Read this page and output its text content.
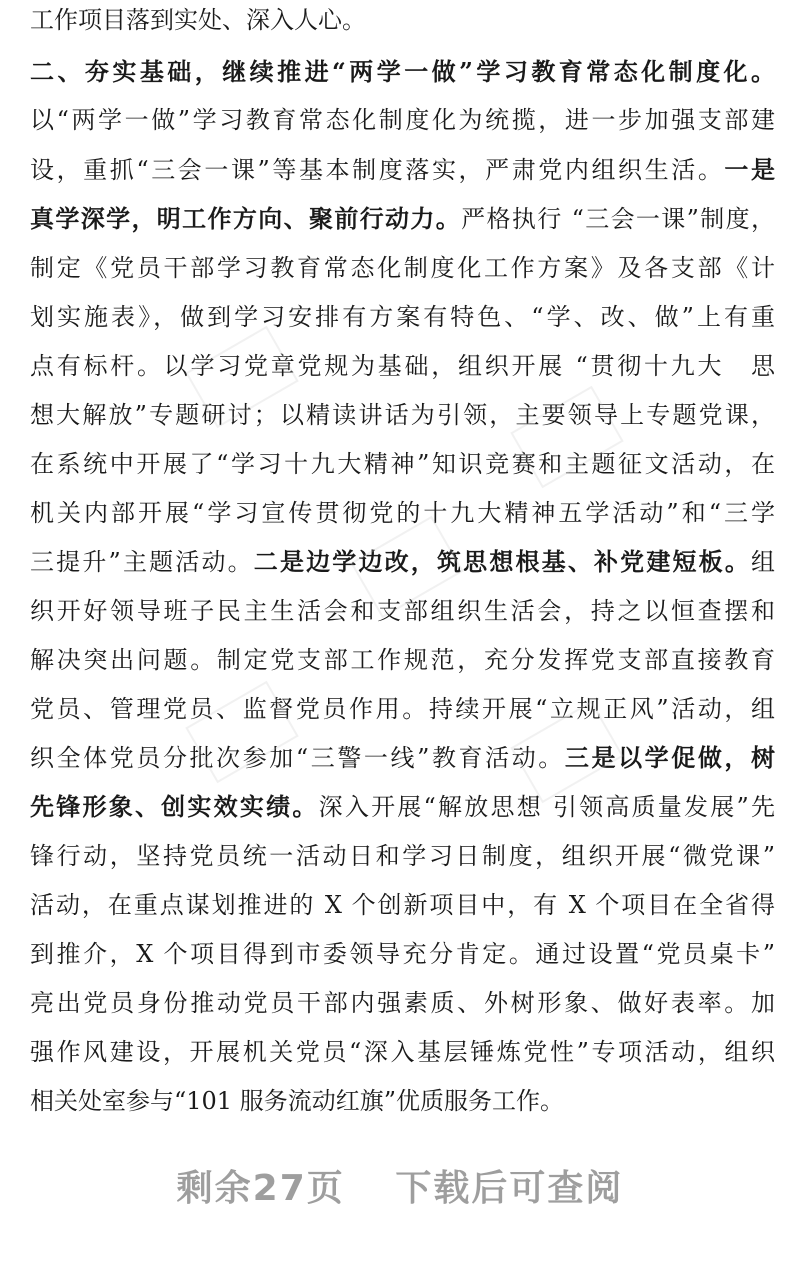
工作项目落到实处、深入人心。
二、夯实基础，继续推进“两学一做”学习教育常态化制度化。
以“两学一做”学习教育常态化制度化为统揽，进一步加强支部建
设，重抓“三会一课”等基本制度落实，严肃党内组织生活。一是
真学深学，明工作方向、聚前行动力。严格执行 “三会一课”制度，
制定《党员干部学习教育常态化制度化工作方案》及各支部《计
划实施表》，做到学习安排有方案有特色、“学、改、做”上有重
点有标杆。以学习党章党规为基础，组织开展 “贯彻十九大　思
想大解放”专题研讨；以精读讲话为引领，主要领导上专题党课，
在系统中开展了“学习十九大精神”知识竞赛和主题征文活动，在
机关内部开展“学习宣传贯彻党的十九大精神五学活动”和“三学
三提升”主题活动。二是边学边改，筑思想根基、补党建短板。组
织开好领导班子民主生活会和支部组织生活会，持之以恒查摆和
解决突出问题。制定党支部工作规范，充分发挥党支部直接教育
党员、管理党员、监督党员作用。持续开展“立规正风”活动，组
织全体党员分批次参加“三警一线”教育活动。三是以学促做，树
先锋形象、创实效实绩。深入开展“解放思想 引领高质量发展”先
锋行动，坚持党员统一活动日和学习日制度，组织开展“微党课”
活动，在重点谋划推进的 X 个创新项目中，有 X 个项目在全省得
到推介，X 个项目得到市委领导充分肯定。通过设置“党员桌卡”
亮出党员身份推动党员干部内强素质、外树形象、做好表率。加
强作风建设，开展机关党员“深入基层锤炼党性”专项活动，组织
相关处室参与“101 服务流动红旗”优质服务工作。
剩余27页 下载后可查阅
